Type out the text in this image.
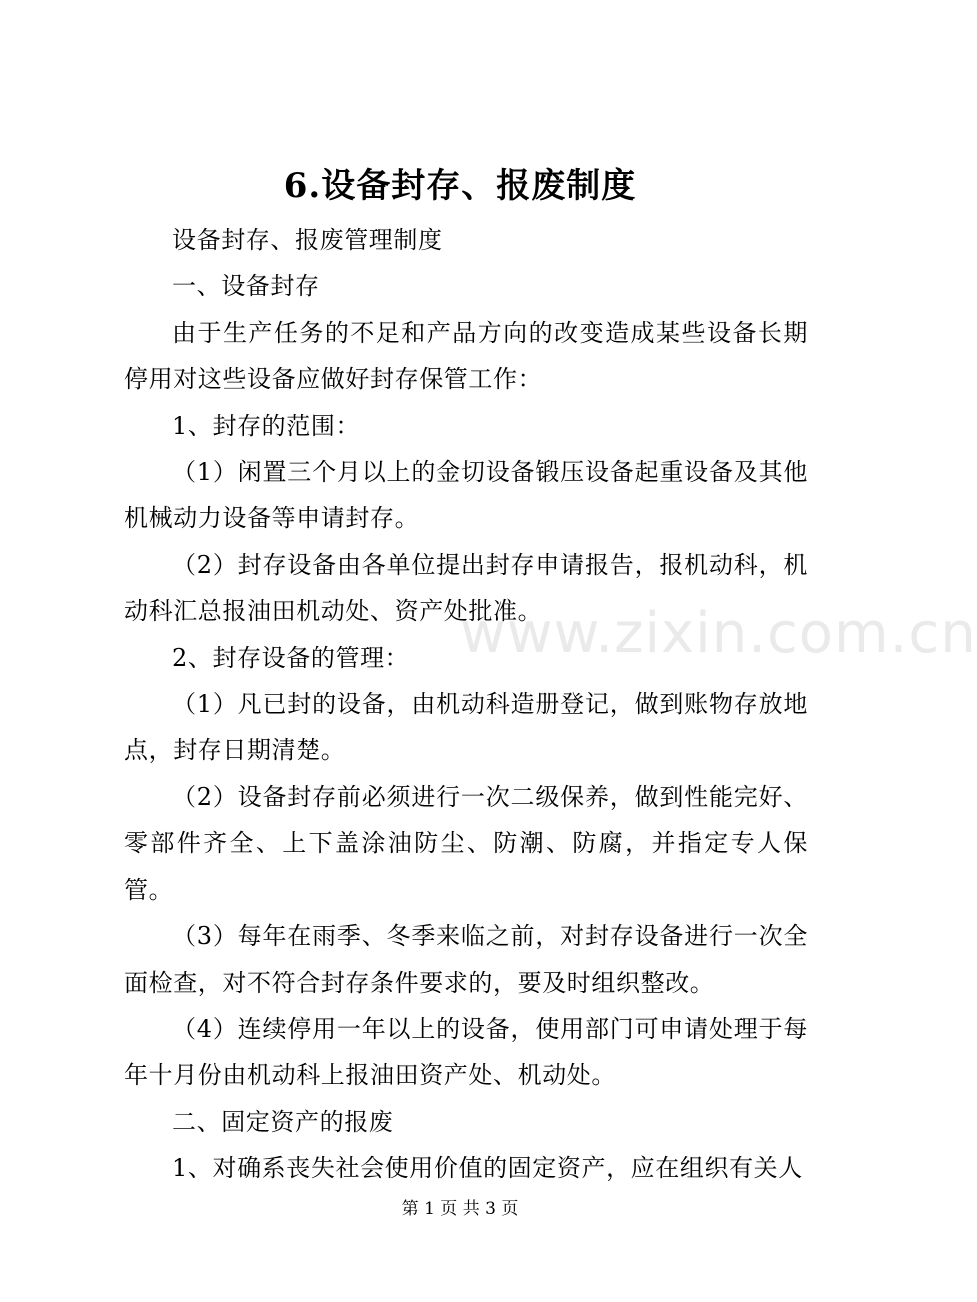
6.设备封存、报废制度

设备封存、报废管理制度

一、设备封存

由于生产任务的不足和产品方向的改变造成某些设备长期停用对这些设备应做好封存保管工作：

1、封存的范围：

（1）闲置三个月以上的金切设备锻压设备起重设备及其他机械动力设备等申请封存。

（2）封存设备由各单位提出封存申请报告，报机动科，机动科汇总报油田机动处、资产处批准。

2、封存设备的管理：

（1）凡已封的设备，由机动科造册登记，做到账物存放地点，封存日期清楚。

（2）设备封存前必须进行一次二级保养，做到性能完好、零部件齐全、上下盖涂油防尘、防潮、防腐，并指定专人保管。

（3）每年在雨季、冬季来临之前，对封存设备进行一次全面检查，对不符合封存条件要求的，要及时组织整改。

（4）连续停用一年以上的设备，使用部门可申请处理于每年十月份由机动科上报油田资产处、机动处。

二、固定资产的报废

1、对确系丧失社会使用价值的固定资产，应在组织有关人

www.zixin.com.cn
第 1 页 共 3 页
